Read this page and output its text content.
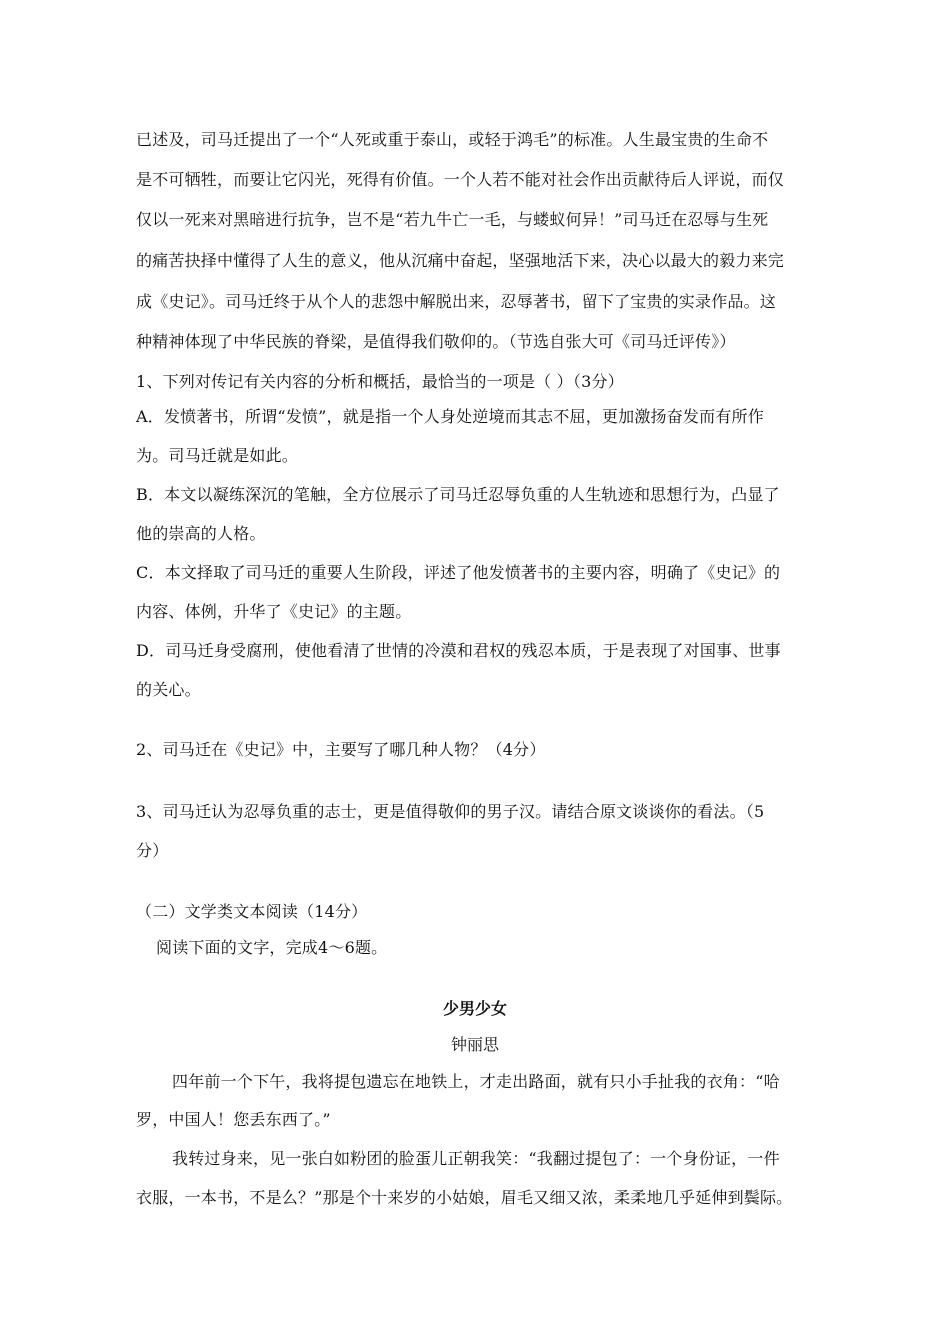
已述及，司马迁提出了一个“人死或重于泰山，或轻于鸿毛”的标准。人生最宝贵的生命不
是不可牺牲，而要让它闪光，死得有价值。一个人若不能对社会作出贡献待后人评说，而仅
仅以一死来对黑暗进行抗争，岂不是“若九牛亡一毛，与蝼蚁何异！”司马迁在忍辱与生死
的痛苦抉择中懂得了人生的意义，他从沉痛中奋起，坚强地活下来，决心以最大的毅力来完
成《史记》。司马迁终于从个人的悲怨中解脱出来，忍辱著书，留下了宝贵的实录作品。这
种精神体现了中华民族的脊梁，是值得我们敬仰的。（节选自张大可《司马迁评传》）
1、下列对传记有关内容的分析和概括，最恰当的一项是（ ）（3分）
A．发愤著书，所谓“发愤”，就是指一个人身处逆境而其志不屈，更加激扬奋发而有所作
为。司马迁就是如此。
B．本文以凝练深沉的笔触，全方位展示了司马迁忍辱负重的人生轨迹和思想行为，凸显了
他的崇高的人格。
C．本文择取了司马迁的重要人生阶段，评述了他发愤著书的主要内容，明确了《史记》的
内容、体例，升华了《史记》的主题。
D．司马迁身受腐刑，使他看清了世情的冷漠和君权的残忍本质，于是表现了对国事、世事
的关心。
2、司马迁在《史记》中，主要写了哪几种人物？（4分）
3、司马迁认为忍辱负重的志士，更是值得敬仰的男子汉。请结合原文谈谈你的看法。（5
分）
（二）文学类文本阅读（14分）
阅读下面的文字，完成4～6题。
少男少女
钟丽思
四年前一个下午，我将提包遗忘在地铁上，才走出路面，就有只小手扯我的衣角：“哈
罗，中国人！您丢东西了。”
我转过身来，见一张白如粉团的脸蛋儿正朝我笑：“我翻过提包了：一个身份证，一件
衣服，一本书，不是么？”那是个十来岁的小姑娘，眉毛又细又浓，柔柔地几乎延伸到鬓际。
